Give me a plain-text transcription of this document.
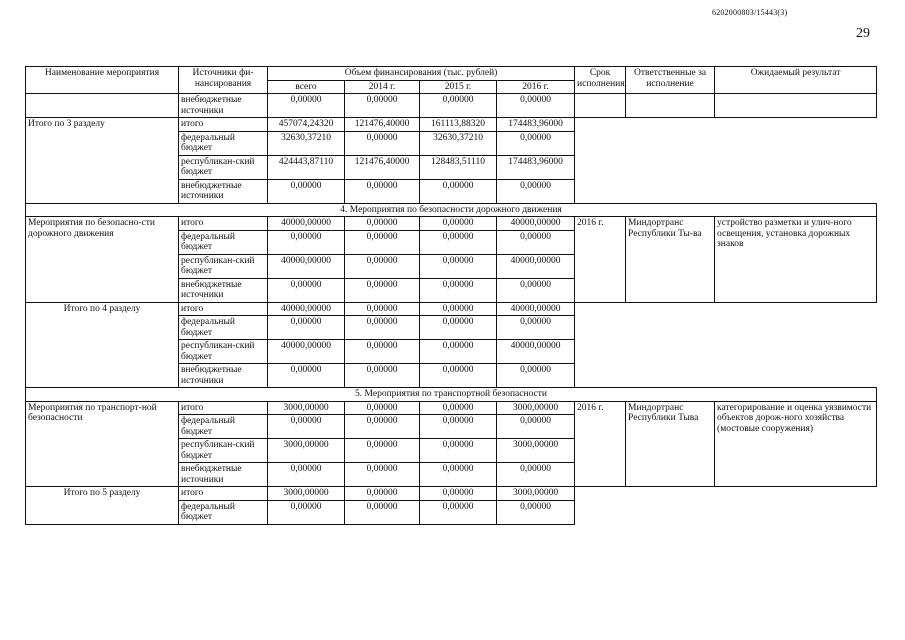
6202000803/15443(3)
29
Наименование мероприятия	Источники фи-нансирования	Объем финансирования (тыс. рублей)				Срок исполнения	Ответственные за исполнение	Ожидаемый результат
		всего	2014 г.	2015 г.	2016 г.			
	внебюджетные источники	0,00000	0,00000	0,00000	0,00000			
Итого по 3 разделу	итого	457074,24320	121476,40000	161113,88320	174483,96000			
	федеральный бюджет	32630,37210	0,00000	32630,37210	0,00000			
	республикан-ский бюджет	424443,87110	121476,40000	128483,51110	174483,96000			
	внебюджетные источники	0,00000	0,00000	0,00000	0,00000			
4. Мероприятия по безопасности дорожного движения								
Мероприятия по безопасно-сти дорожного движения	итого	40000,00000	0,00000	0,00000	40000,00000	2016 г.	Миндортранс Республики Ты-ва	устройство разметки и улич-ного освещения, установка дорожных знаков
	федеральный бюджет	0,00000	0,00000	0,00000	0,00000			
	республикан-ский бюджет	40000,00000	0,00000	0,00000	40000,00000			
	внебюджетные источники	0,00000	0,00000	0,00000	0,00000			
Итого по 4 разделу	итого	40000,00000	0,00000	0,00000	40000,00000			
	федеральный бюджет	0,00000	0,00000	0,00000	0,00000			
	республикан-ский бюджет	40000,00000	0,00000	0,00000	40000,00000			
	внебюджетные источники	0,00000	0,00000	0,00000	0,00000			
5. Мероприятия по транспортной безопасности								
Мероприятия по транспорт-ной безопасности	итого	3000,00000	0,00000	0,00000	3000,00000	2016 г.	Миндортранс Республики Тыва	категорирование и оценка уязвимости объектов дорож-ного хозяйства (мостовые сооружения)
	федеральный бюджет	0,00000	0,00000	0,00000	0,00000			
	республикан-ский бюджет	3000,00000	0,00000	0,00000	3000,00000			
	внебюджетные источники	0,00000	0,00000	0,00000	0,00000			
Итого по 5 разделу	итого	3000,00000	0,00000	0,00000	3000,00000			
	федеральный бюджет	0,00000	0,00000	0,00000	0,00000			
